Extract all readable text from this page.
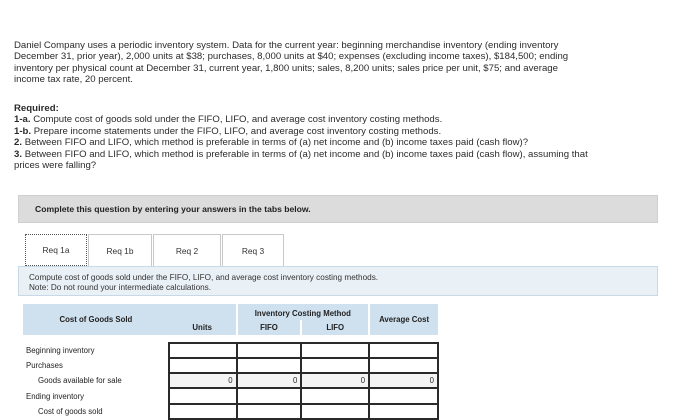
Daniel Company uses a periodic inventory system. Data for the current year: beginning merchandise inventory (ending inventory

December 31, prior year), 2,000 units at $38; purchases, 8,000 units at $40; expenses (excluding income taxes), $184,500; ending

inventory per physical count at December 31, current year, 1,800 units; sales, 8,200 units; sales price per unit, $75; and average

income tax rate, 20 percent.

Required:
1-a. Compute cost of goods sold under the FIFO, LIFO, and average cost inventory costing methods.
1-b. Prepare income statements under the FIFO, LIFO, and average cost inventory costing methods.
2. Between FIFO and LIFO, which method is preferable in terms of (a) net income and (b) income taxes paid (cash flow)?
3. Between FIFO and LIFO, which method is preferable in terms of (a) net income and (b) income taxes paid (cash flow), assuming that
prices were falling?
Complete this question by entering your answers in the tabs below.
Req 1a	Req 1b	Req 2	Req 3
Compute cost of goods sold under the FIFO, LIFO, and average cost inventory costing methods.
Note: Do not round your intermediate calculations.
Cost of Goods Sold	Units	Inventory Costing Method		Average Cost
		FIFO	LIFO	

Beginning inventory				
Purchases				
Goods available for sale	0	0	0	0
Ending inventory				
Cost of goods sold				
